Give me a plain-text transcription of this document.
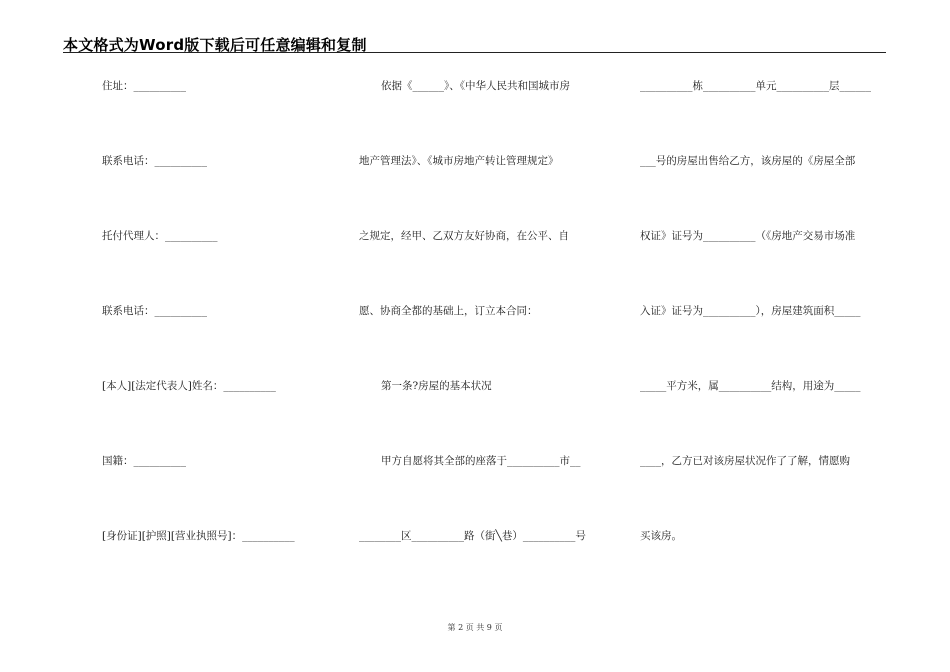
本文格式为Word版下载后可任意编辑和复制
住址：__________
联系电话：__________
托付代理人：__________
联系电话：__________
[本人][法定代表人]姓名：__________
国籍：__________
[身份证][护照][营业执照号]：__________
依据《______》、《中华人民共和国城市房
地产管理法》、《城市房地产转让管理规定》
之规定，经甲、乙双方友好协商，在公平、自
愿、协商全都的基础上，订立本合同：
第一条?房屋的基本状况
甲方自愿将其全部的座落于__________市__
________区__________路（街╲巷）__________号
__________栋__________单元__________层______
___号的房屋出售给乙方，该房屋的《房屋全部
权证》证号为__________（《房地产交易市场准
入证》证号为__________），房屋建筑面积_____
_____平方米，属__________结构，用途为_____
____，乙方已对该房屋状况作了了解，情愿购
买该房。
第 2 页 共 9 页
